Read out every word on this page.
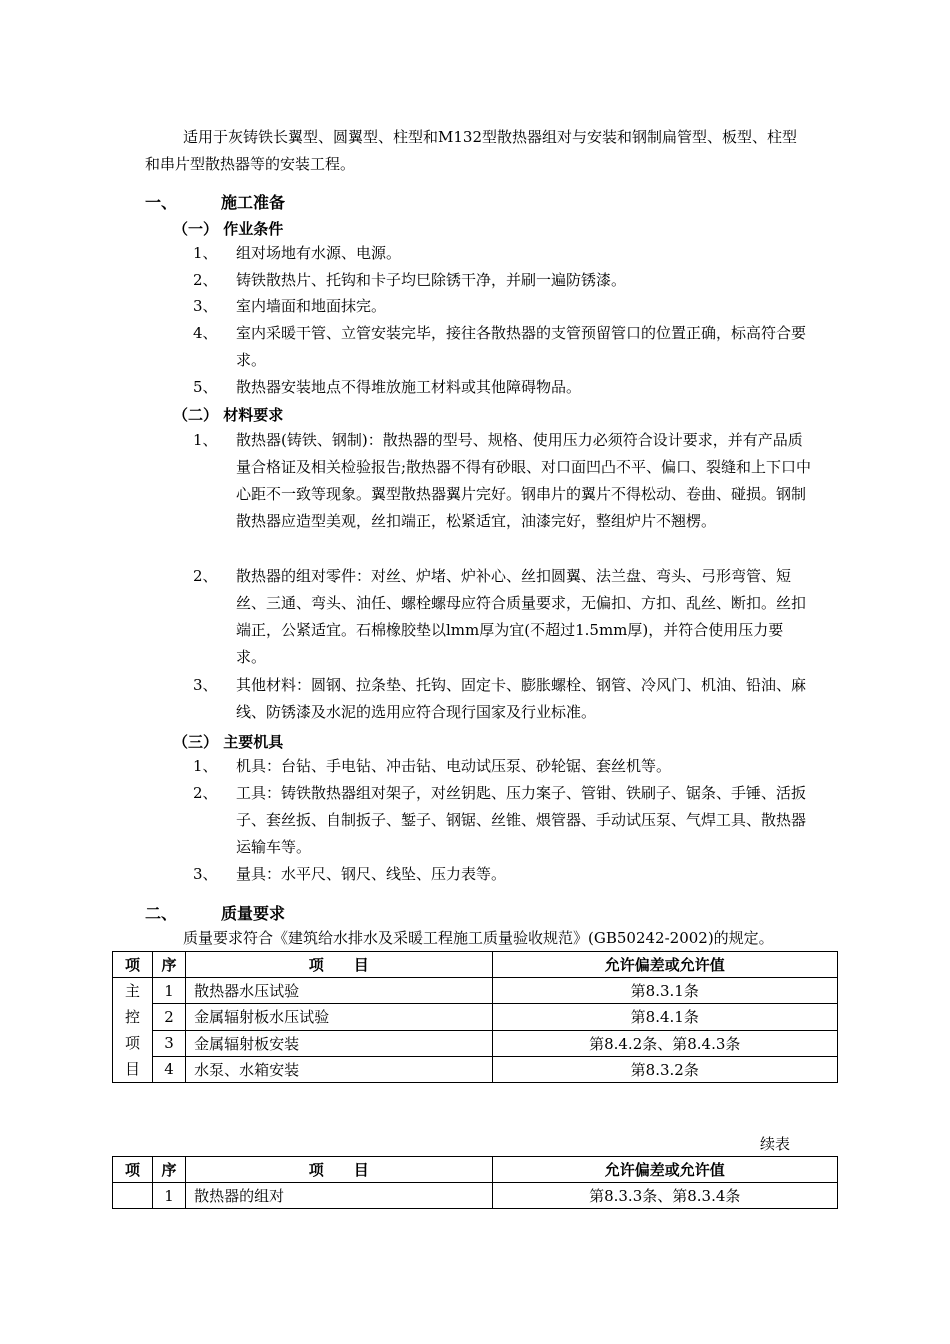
适用于灰铸铁长翼型、圆翼型、柱型和M132型散热器组对与安装和钢制扁管型、板型、柱型和串片型散热器等的安装工程。
一、	施工准备
（一） 作业条件
1、	组对场地有水源、电源。
2、	铸铁散热片、托钩和卡子均巳除锈干净，并刷一遍防锈漆。
3、	室内墙面和地面抹完。
4、	室内采暖干管、立管安装完毕，接往各散热器的支管预留管口的位置正确，标高符合要求。
5、	散热器安装地点不得堆放施工材料或其他障碍物品。
（二） 材料要求
1、	散热器(铸铁、钢制)：散热器的型号、规格、使用压力必须符合设计要求，并有产品质量合格证及相关检验报告;散热器不得有砂眼、对口面凹凸不平、偏口、裂缝和上下口中心距不一致等现象。翼型散热器翼片完好。钢串片的翼片不得松动、卷曲、碰损。钢制散热器应造型美观，丝扣端正，松紧适宜，油漆完好，整组炉片不翘楞。
2、	散热器的组对零件：对丝、炉堵、炉补心、丝扣圆翼、法兰盘、弯头、弓形弯管、短丝、三通、弯头、油任、螺栓螺母应符合质量要求，无偏扣、方扣、乱丝、断扣。丝扣端正，公紧适宜。石棉橡胶垫以lmm厚为宜(不超过1.5mm厚)，并符合使用压力要求。
3、	其他材料：圆钢、拉条垫、托钩、固定卡、膨胀螺栓、钢管、冷风门、机油、铅油、麻线、防锈漆及水泥的选用应符合现行国家及行业标准。
（三） 主要机具
1、	机具：台钻、手电钻、冲击钻、电动试压泵、砂轮锯、套丝机等。
2、	工具：铸铁散热器组对架子，对丝钥匙、压力案子、管钳、铁刷子、锯条、手锤、活扳子、套丝扳、自制扳子、錾子、钢锯、丝锥、煨管器、手动试压泵、气焊工具、散热器运输车等。
3、	量具：水平尺、钢尺、线坠、压力表等。
二、	质量要求
质量要求符合《建筑给水排水及采暖工程施工质量验收规范》(GB50242-2002)的规定。
项	序	项　　目	允许偏差或允许值

主控项目	1	散热器水压试验	第8.3.1条
	2	金属辐射板水压试验	第8.4.1条
	3	金属辐射板安装	第8.4.2条、第8.4.3条
	4	水泵、水箱安装	第8.3.2条
续表
项	序	项　　目	允许偏差或允许值
	1	散热器的组对	第8.3.3条、第8.3.4条
